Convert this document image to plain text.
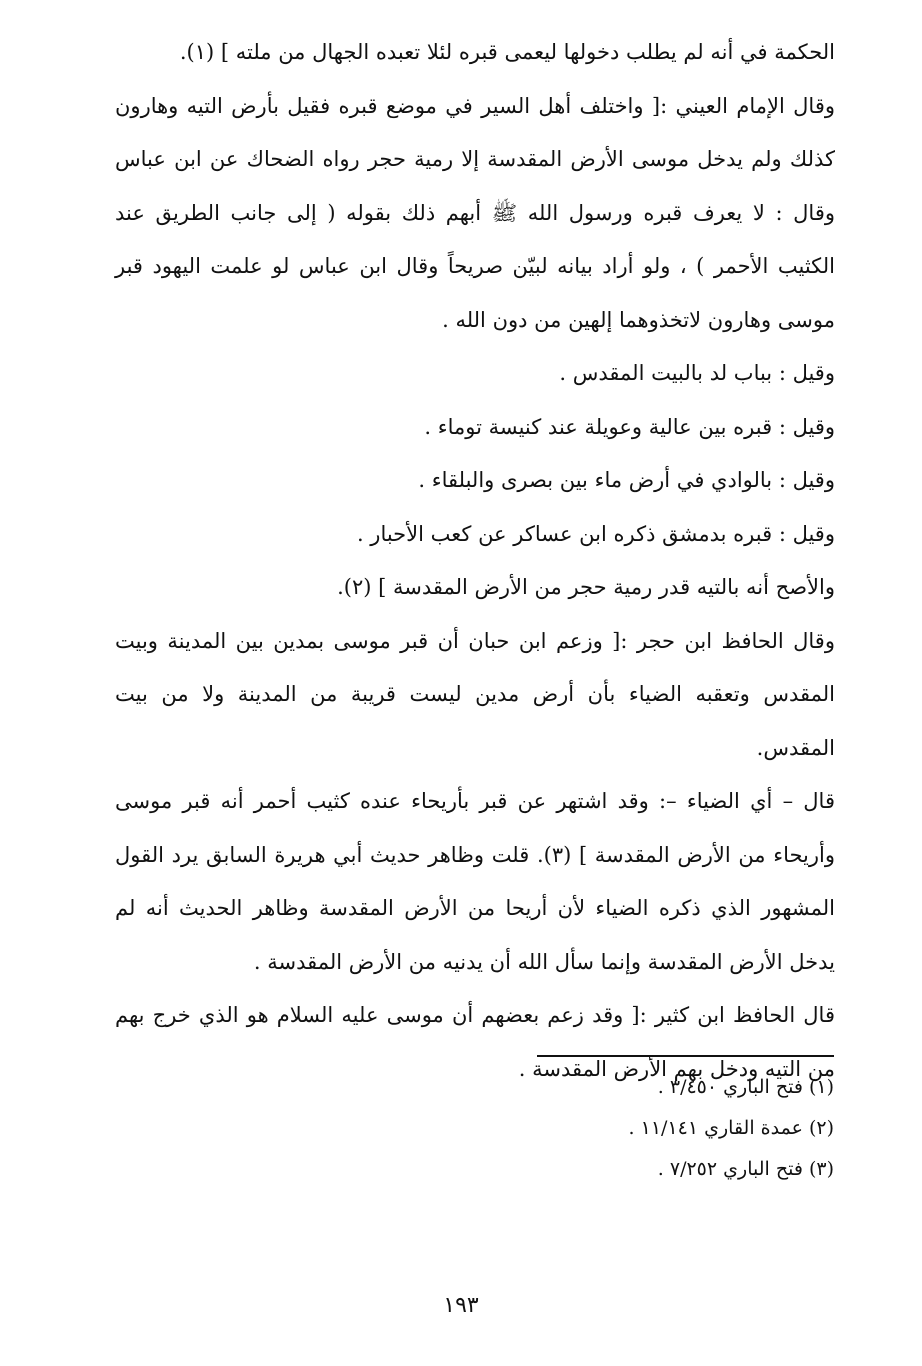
الحكمة في أنه لم يطلب دخولها ليعمى قبره لئلا تعبده الجهال من ملته ] (١).

وقال الإمام العيني :[ واختلف أهل السير في موضع قبره فقيل بأرض التيه وهارون كذلك ولم يدخل موسى الأرض المقدسة إلا رمية حجر رواه الضحاك عن ابن عباس وقال : لا يعرف قبره ورسول الله ﷺ أبهم ذلك بقوله ( إلى جانب الطريق عند الكثيب الأحمر ) ، ولو أراد بيانه لبيّن صريحاً وقال ابن عباس لو علمت اليهود قبر موسى وهارون لاتخذوهما إلهين من دون الله .

وقيل : بباب لد بالبيت المقدس .

وقيل : قبره بين عالية وعويلة عند كنيسة توماء .

وقيل : بالوادي في أرض ماء بين بصرى والبلقاء .

وقيل : قبره بدمشق ذكره ابن عساكر عن كعب الأحبار .

والأصح أنه بالتيه قدر رمية حجر من الأرض المقدسة ] (٢).

وقال الحافظ ابن حجر :[ وزعم ابن حبان أن قبر موسى بمدين بين المدينة وبيت المقدس وتعقبه الضياء بأن أرض مدين ليست قريبة من المدينة ولا من بيت المقدس.

قال – أي الضياء –: وقد اشتهر عن قبر بأريحاء عنده كثيب أحمر أنه قبر موسى وأريحاء من الأرض المقدسة ] (٣). قلت وظاهر حديث أبي هريرة السابق يرد القول المشهور الذي ذكره الضياء لأن أريحا من الأرض المقدسة وظاهر الحديث أنه لم يدخل الأرض المقدسة وإنما سأل الله أن يدنيه من الأرض المقدسة .

قال الحافظ ابن كثير :[ وقد زعم بعضهم أن موسى عليه السلام هو الذي خرج بهم من التيه ودخل بهم الأرض المقدسة .

(١) فتح الباري ٣/٤٥٠ .
(٢) عمدة القاري ١١/١٤١ .
(٣) فتح الباري ٧/٢٥٢ .
١٩٣
